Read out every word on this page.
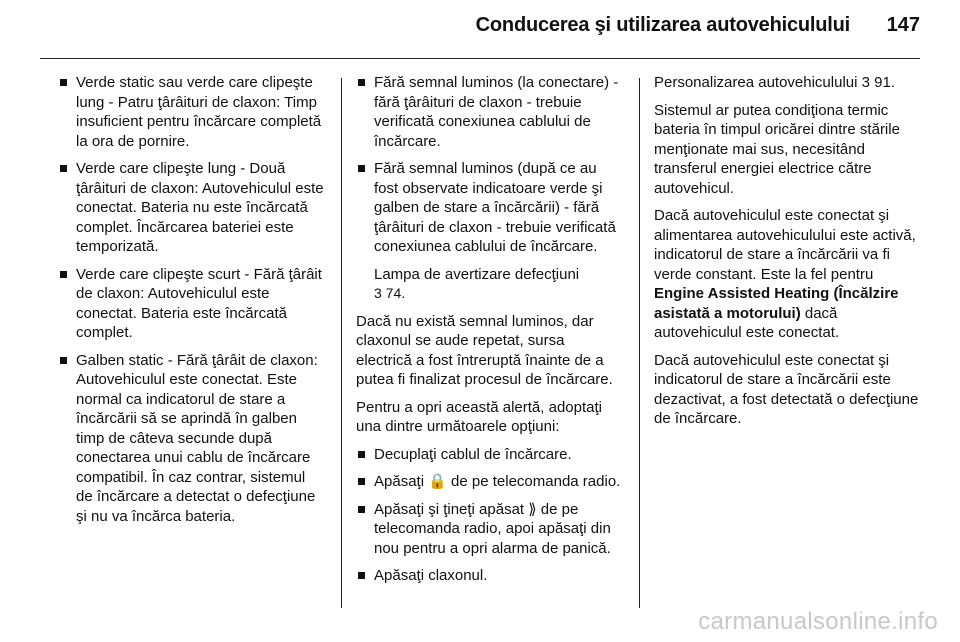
Conducerea şi utilizarea autovehiculului 147
Verde static sau verde care clipeşte lung - Patru ţârâituri de claxon: Timp insuficient pentru încărcare completă la ora de pornire.
Verde care clipeşte lung - Două ţârâituri de claxon: Autovehiculul este conectat. Bateria nu este încărcată complet. Încărcarea bateriei este temporizată.
Verde care clipeşte scurt - Fără ţârâit de claxon: Autovehiculul este conectat. Bateria este încărcată complet.
Galben static - Fără ţârâit de claxon: Autovehiculul este conectat. Este normal ca indicatorul de stare a încărcării să se aprindă în galben timp de câteva secunde după conectarea unui cablu de încărcare compatibil. În caz contrar, sistemul de încărcare a detectat o defecţiune şi nu va încărca bateria.
Fără semnal luminos (la conectare) - fără ţârâituri de claxon - trebuie verificată conexiunea cablului de încărcare.
Fără semnal luminos (după ce au fost observate indicatoare verde şi galben de stare a încărcării) - fără ţârâituri de claxon - trebuie verificată conexiunea cablului de încărcare.
Lampa de avertizare defecţiuni
3 74.
Dacă nu există semnal luminos, dar claxonul se aude repetat, sursa electrică a fost întreruptă înainte de a putea fi finalizat procesul de încărcare.
Pentru a opri această alertă, adoptaţi una dintre următoarele opţiuni:
Decuplaţi cablul de încărcare.
Apăsaţi 🔒 de pe telecomanda radio.
Apăsaţi şi ţineţi apăsat ⟫ de pe telecomanda radio, apoi apăsaţi din nou pentru a opri alarma de panică.
Apăsaţi claxonul.
Personalizarea autovehiculului 3 91.
Sistemul ar putea condiţiona termic bateria în timpul oricărei dintre stările menţionate mai sus, necesitând transferul energiei electrice către autovehicul.
Dacă autovehiculul este conectat şi alimentarea autovehiculului este activă, indicatorul de stare a încărcării va fi verde constant. Este la fel pentru Engine Assisted Heating (Încălzire asistată a motorului) dacă autovehiculul este conectat.
Dacă autovehiculul este conectat şi indicatorul de stare a încărcării este dezactivat, a fost detectată o defecţiune de încărcare.
carmanualsonline.info
